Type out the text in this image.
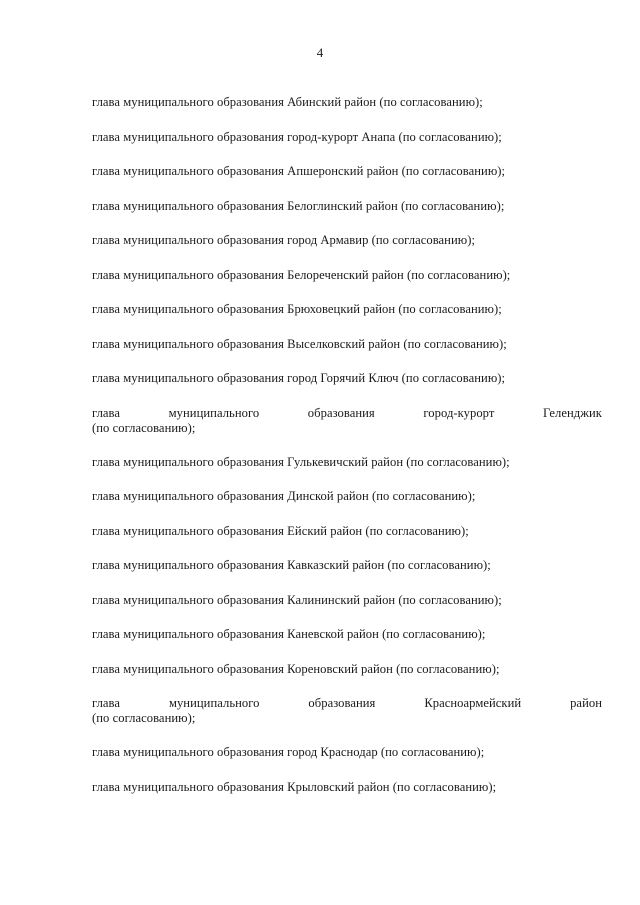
4
глава муниципального образования Абинский район (по согласованию);
глава муниципального образования город-курорт Анапа (по согласованию);
глава муниципального образования Апшеронский район (по согласованию);
глава муниципального образования Белоглинский район (по согласованию);
глава муниципального образования город Армавир (по согласованию);
глава муниципального образования Белореченский район (по согласованию);
глава муниципального образования Брюховецкий район (по согласованию);
глава муниципального образования Выселковский район (по согласованию);
глава муниципального образования город Горячий Ключ (по согласованию);
глава	муниципального	образования	город-курорт	Геленджик
(по согласованию);
глава муниципального образования Гулькевичский район (по согласованию);
глава муниципального образования Динской район (по согласованию);
глава муниципального образования Ейский район (по согласованию);
глава муниципального образования Кавказский район (по согласованию);
глава муниципального образования Калининский район (по согласованию);
глава муниципального образования Каневской район (по согласованию);
глава муниципального образования Кореновский район (по согласованию);
глава	муниципального	образования	Красноармейский	район
(по согласованию);
глава муниципального образования город Краснодар (по согласованию);
глава муниципального образования Крыловский район (по согласованию);
